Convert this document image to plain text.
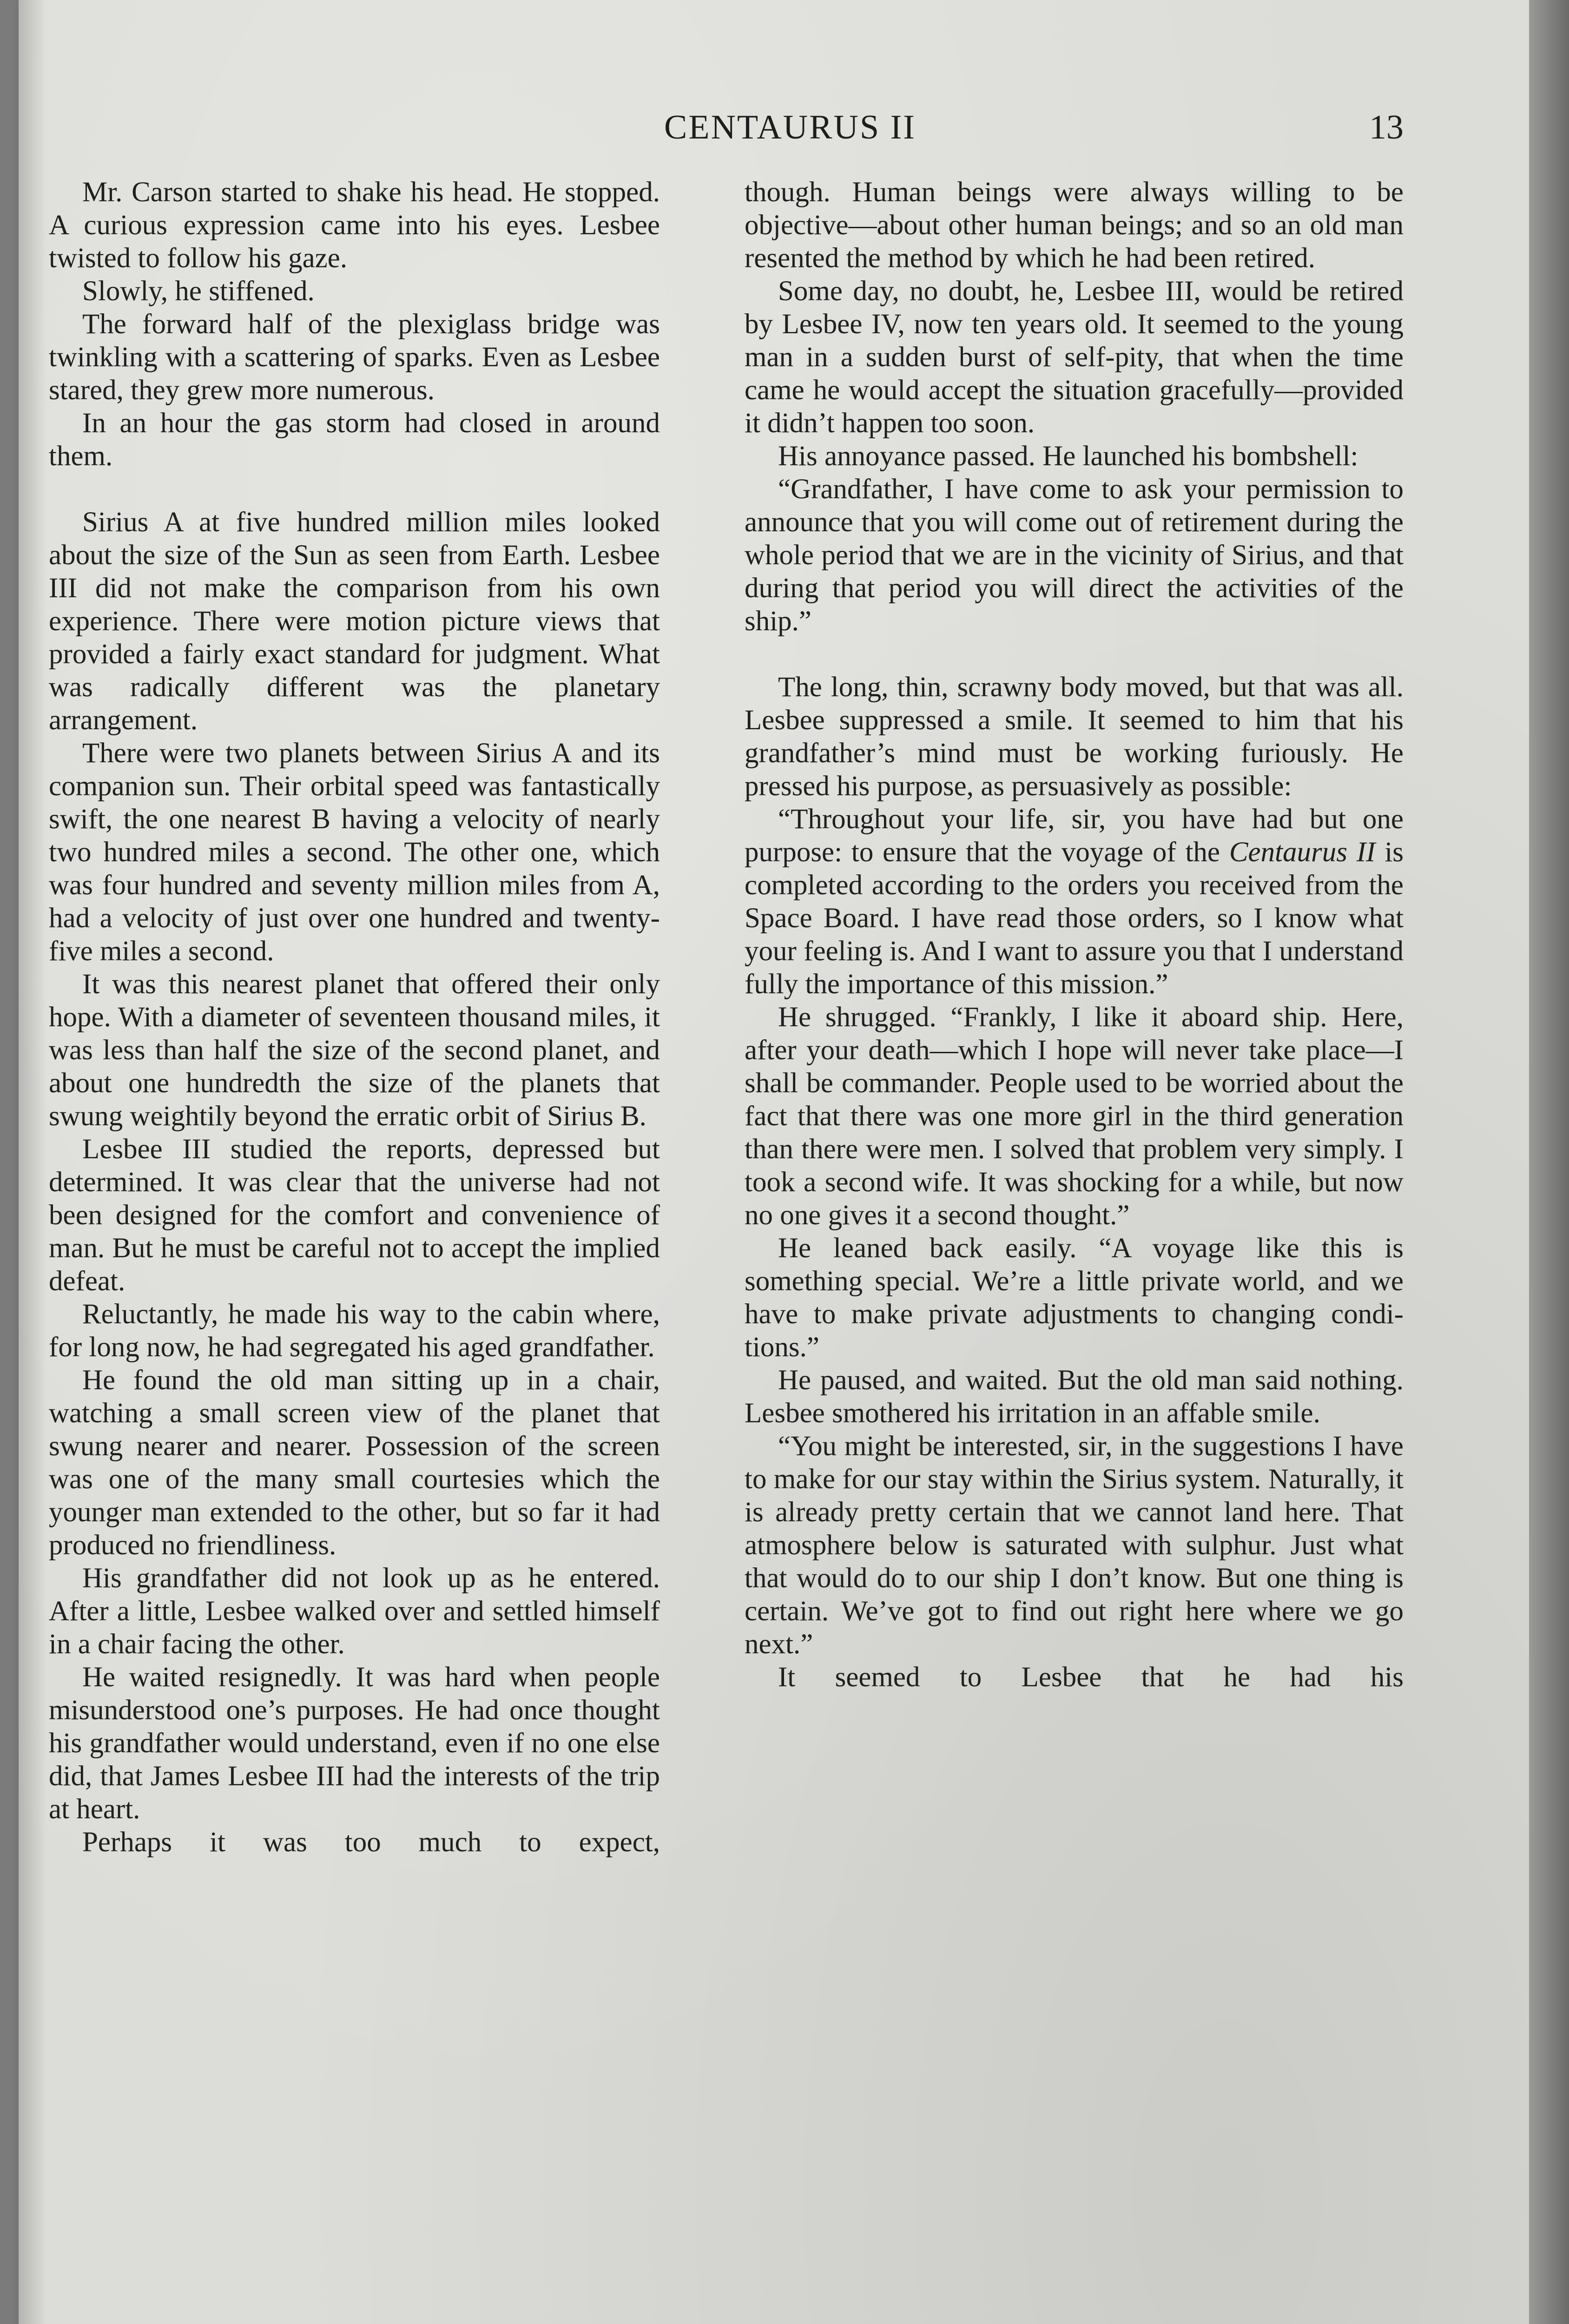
CENTAURUS II	13

Mr. Carson started to shake his head. He stopped. A curious expression came into his eyes. Lesbee twisted to follow his gaze.

Slowly, he stiffened.

The forward half of the plexiglass bridge was twinkling with a scattering of sparks. Even as Lesbee stared, they grew more numerous.

In an hour the gas storm had closed in around them.

Sirius A at five hundred million miles looked about the size of the Sun as seen from Earth. Lesbee III did not make the comparison from his own experience. There were motion picture views that provided a fairly exact standard for judgment. What was radically different was the planetary arrangement.

There were two planets between Sirius A and its companion sun. Their orbital speed was fantastically swift, the one nearest B having a velocity of nearly two hundred miles a second. The other one, which was four hundred and seventy million miles from A, had a velocity of just over one hundred and twenty-five miles a second.

It was this nearest planet that offered their only hope. With a diameter of seventeen thousand miles, it was less than half the size of the second planet, and about one hundredth the size of the planets that swung weightily beyond the erratic orbit of Sirius B.

Lesbee III studied the reports, depressed but determined. It was clear that the universe had not been designed for the comfort and convenience of man. But he must be careful not to accept the implied defeat.

Reluctantly, he made his way to the cabin where, for long now, he had segregated his aged grandfather.

He found the old man sitting up in a chair, watching a small screen view of the planet that swung nearer and nearer. Possession of the screen was one of the many small courtesies which the younger man extended to the other, but so far it had produced no friendliness.

His grandfather did not look up as he entered. After a little, Lesbee walked over and settled himself in a chair facing the other.

He waited resignedly. It was hard when people misunderstood one’s purposes. He had once thought his grandfather would understand, even if no one else did, that James Lesbee III had the interests of the trip at heart.

Perhaps it was too much to expect,

though. Human beings were always willing to be objective—about other human beings; and so an old man resented the method by which he had been retired.

Some day, no doubt, he, Lesbee III, would be retired by Lesbee IV, now ten years old. It seemed to the young man in a sudden burst of self-pity, that when the time came he would accept the situation gracefully—provided it didn’t happen too soon.

His annoyance passed. He launched his bombshell:

“Grandfather, I have come to ask your permission to announce that you will come out of retirement during the whole period that we are in the vicinity of Sirius, and that during that period you will direct the activities of the ship.”

The long, thin, scrawny body moved, but that was all. Lesbee suppressed a smile. It seemed to him that his grandfather’s mind must be working furiously. He pressed his purpose, as persuasively as possible:

“Throughout your life, sir, you have had but one purpose: to ensure that the voyage of the Centaurus II is completed according to the orders you received from the Space Board. I have read those orders, so I know what your feeling is. And I want to assure you that I understand fully the importance of this mission.”

He shrugged. “Frankly, I like it aboard ship. Here, after your death—which I hope will never take place—I shall be commander. People used to be worried about the fact that there was one more girl in the third generation than there were men. I solved that problem very simply. I took a second wife. It was shocking for a while, but now no one gives it a second thought.”

He leaned back easily. “A voyage like this is something special. We’re a little private world, and we have to make private adjustments to changing conditions.”

He paused, and waited. But the old man said nothing. Lesbee smothered his irritation in an affable smile.

“You might be interested, sir, in the suggestions I have to make for our stay within the Sirius system. Naturally, it is already pretty certain that we cannot land here. That atmosphere below is saturated with sulphur. Just what that would do to our ship I don’t know. But one thing is certain. We’ve got to find out right here where we go next.”

It seemed to Lesbee that he had his
